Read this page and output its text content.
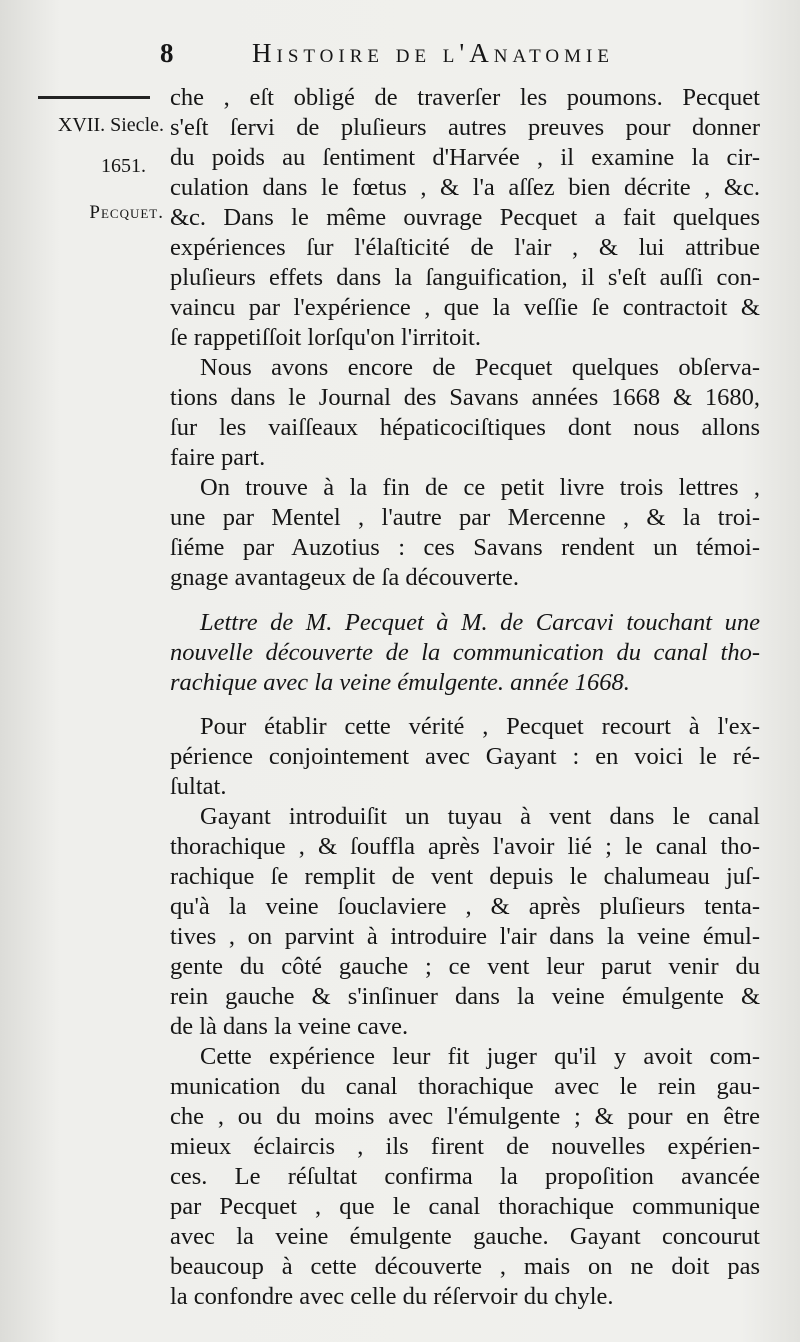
8	Histoire de l'Anatomie
XVII. Siecle.
1651.
Pecquet.
che , eſt obligé de traverſer les poumons. Pecquet
s'eſt ſervi de pluſieurs autres preuves pour donner
du poids au ſentiment d'Harvée , il examine la cir-
culation dans le fœtus , & l'a aſſez bien décrite , &c.
&c. Dans le même ouvrage Pecquet a fait quelques
expériences ſur l'élaſticité de l'air , & lui attribue
pluſieurs effets dans la ſanguification, il s'eſt auſſi con-
vaincu par l'expérience , que la veſſie ſe contractoit &
ſe rappetiſſoit lorſqu'on l'irritoit.
Nous avons encore de Pecquet quelques obſerva-
tions dans le Journal des Savans années 1668 & 1680,
ſur les vaiſſeaux hépaticociſtiques dont nous allons
faire part.
On trouve à la fin de ce petit livre trois lettres ,
une par Mentel , l'autre par Mercenne , & la troi-
ſiéme par Auzotius : ces Savans rendent un témoi-
gnage avantageux de ſa découverte.
Lettre de M. Pecquet à M. de Carcavi touchant une
nouvelle découverte de la communication du canal tho-
rachique avec la veine émulgente. année 1668.
Pour établir cette vérité , Pecquet recourt à l'ex-
périence conjointement avec Gayant : en voici le ré-
ſultat.
Gayant introduiſit un tuyau à vent dans le canal
thorachique , & ſouffla après l'avoir lié ; le canal tho-
rachique ſe remplit de vent depuis le chalumeau juſ-
qu'à la veine ſouclaviere , & après pluſieurs tenta-
tives , on parvint à introduire l'air dans la veine émul-
gente du côté gauche ; ce vent leur parut venir du
rein gauche & s'inſinuer dans la veine émulgente &
de là dans la veine cave.
Cette expérience leur fit juger qu'il y avoit com-
munication du canal thorachique avec le rein gau-
che , ou du moins avec l'émulgente ; & pour en être
mieux éclaircis , ils firent de nouvelles expérien-
ces. Le réſultat confirma la propoſition avancée
par Pecquet , que le canal thorachique communique
avec la veine émulgente gauche. Gayant concourut
beaucoup à cette découverte , mais on ne doit pas
la confondre avec celle du réſervoir du chyle.
